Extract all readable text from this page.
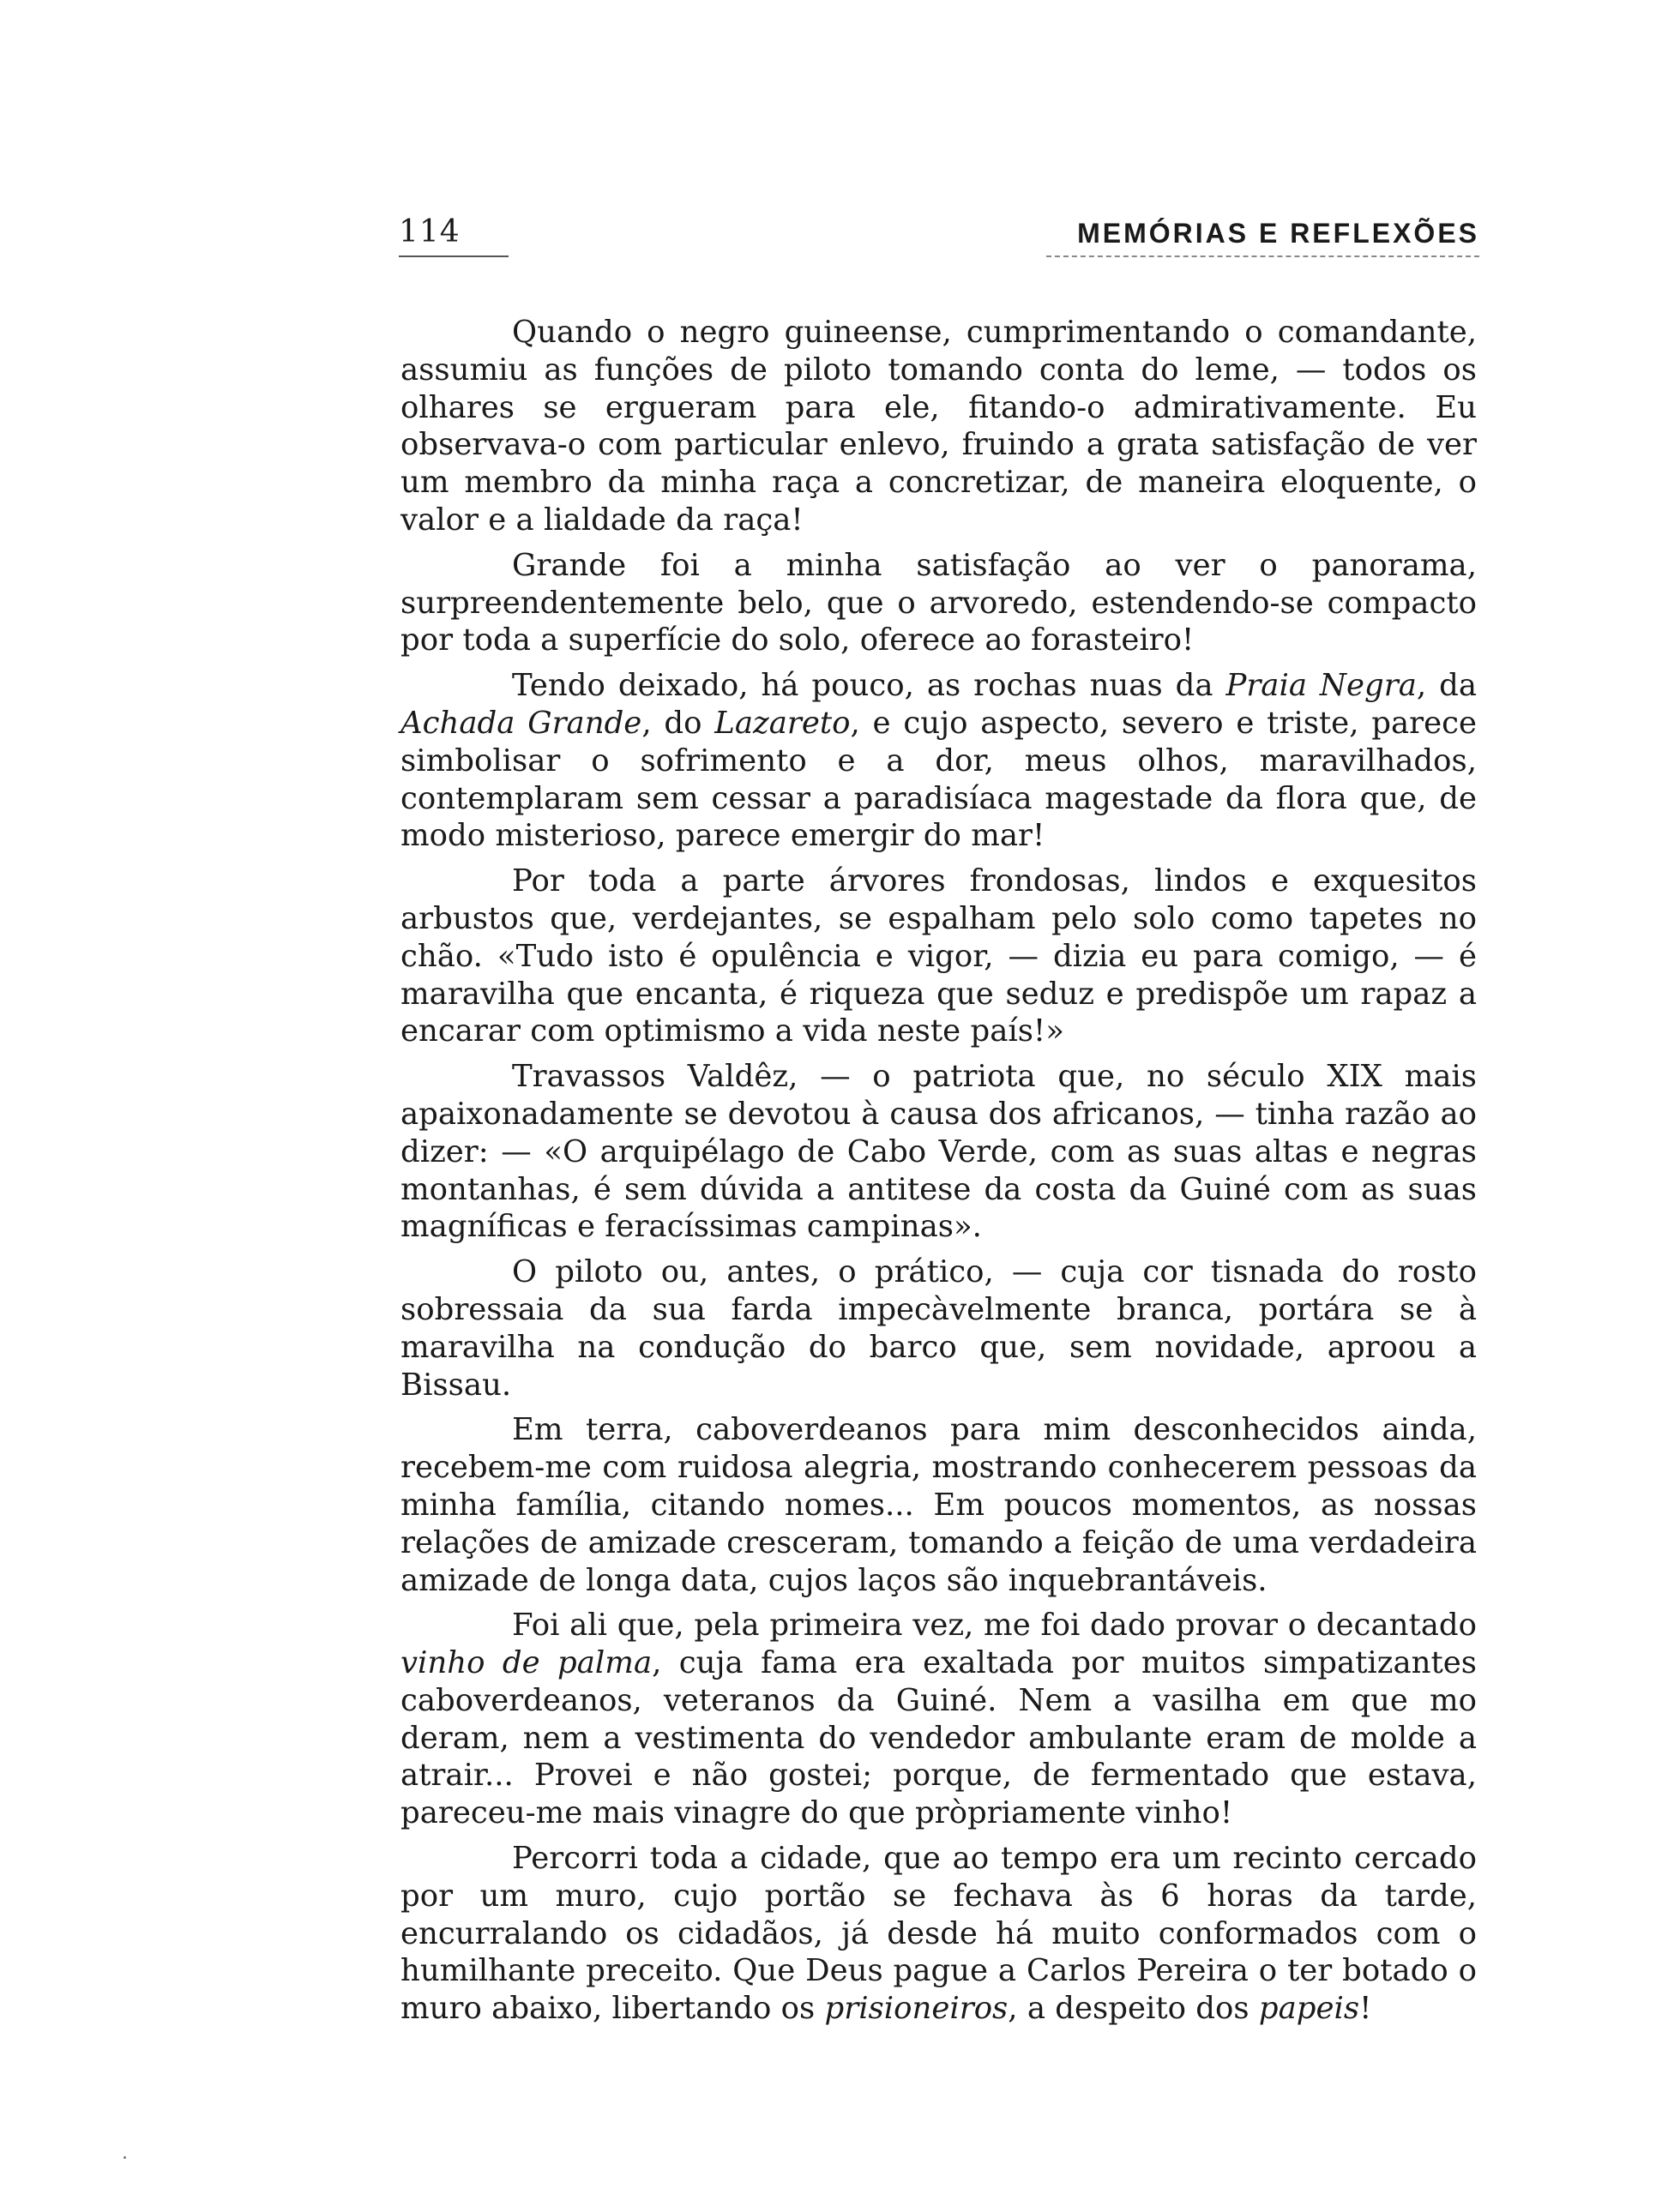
114	MEMÓRIAS E REFLEXÕES

Quando o negro guineense, cumprimentando o comandante, assumiu as funções de piloto tomando conta do leme, — todos os olhares se ergueram para ele, fitando-o admirativamente. Eu observava-o com particular enlevo, fruindo a grata satisfação de ver um membro da minha raça a concretizar, de maneira eloquente, o valor e a lialdade da raça!

Grande foi a minha satisfação ao ver o panorama, surpreendentemente belo, que o arvoredo, estendendo-se compacto por toda a superfície do solo, oferece ao forasteiro!

Tendo deixado, há pouco, as rochas nuas da Praia Negra, da Achada Grande, do Lazareto, e cujo aspecto, severo e triste, parece simbolisar o sofrimento e a dor, meus olhos, maravilhados, contemplaram sem cessar a paradisíaca magestade da flora que, de modo misterioso, parece emergir do mar!

Por toda a parte árvores frondosas, lindos e exquesitos arbustos que, verdejantes, se espalham pelo solo como tapetes no chão. «Tudo isto é opulência e vigor, — dizia eu para comigo, — é maravilha que encanta, é riqueza que seduz e predispõe um rapaz a encarar com optimismo a vida neste país!»

Travassos Valdêz, — o patriota que, no século XIX mais apaixonadamente se devotou à causa dos africanos, — tinha razão ao dizer: — «O arquipélago de Cabo Verde, com as suas altas e negras montanhas, é sem dúvida a antitese da costa da Guiné com as suas magníficas e feracíssimas campinas».

O piloto ou, antes, o prático, — cuja cor tisnada do rosto sobressaia da sua farda impecàvelmente branca, portára se à maravilha na condução do barco que, sem novidade, aproou a Bissau.

Em terra, caboverdeanos para mim desconhecidos ainda, recebem-me com ruidosa alegria, mostrando conhecerem pessoas da minha família, citando nomes... Em poucos momentos, as nossas relações de amizade cresceram, tomando a feição de uma verdadeira amizade de longa data, cujos laços são inquebrantáveis.

Foi ali que, pela primeira vez, me foi dado provar o decantado vinho de palma, cuja fama era exaltada por muitos simpatizantes caboverdeanos, veteranos da Guiné. Nem a vasilha em que mo deram, nem a vestimenta do vendedor ambulante eram de molde a atrair... Provei e não gostei; porque, de fermentado que estava, pareceu-me mais vinagre do que pròpriamente vinho!

Percorri toda a cidade, que ao tempo era um recinto cercado por um muro, cujo portão se fechava às 6 horas da tarde, encurralando os cidadãos, já desde há muito conformados com o humilhante preceito. Que Deus pague a Carlos Pereira o ter botado o muro abaixo, libertando os prisioneiros, a despeito dos papeis!
